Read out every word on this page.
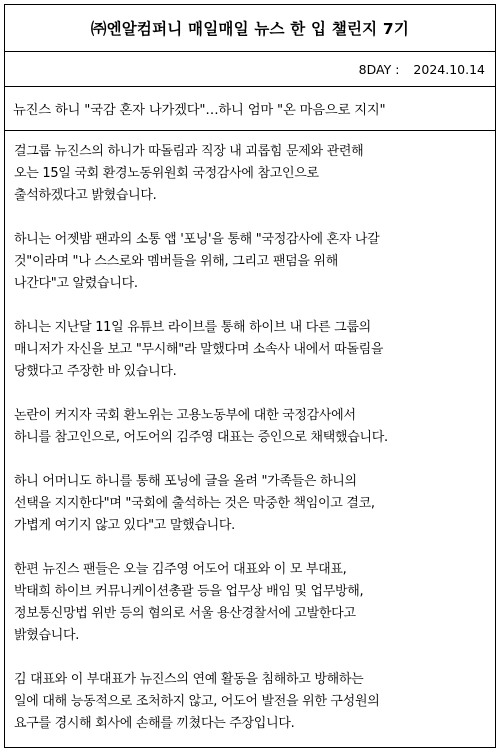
㈜엔알컴퍼니 매일매일 뉴스 한 입 챌린지 7기
8DAY : 2024.10.14
뉴진스 하니 "국감 혼자 나가겠다"…하니 엄마 "온 마음으로 지지"

걸그룹 뉴진스의 하니가 따돌림과 직장 내 괴롭힘 문제와 관련해
오는 15일 국회 환경노동위원회 국정감사에 참고인으로
출석하겠다고 밝혔습니다.

하니는 어젯밤 팬과의 소통 앱 '포닝'을 통해 "국정감사에 혼자 나갈
것"이라며 "나 스스로와 멤버들을 위해, 그리고 팬덤을 위해
나간다"고 알렸습니다.

하니는 지난달 11일 유튜브 라이브를 통해 하이브 내 다른 그룹의
매니저가 자신을 보고 "무시해"라 말했다며 소속사 내에서 따돌림을
당했다고 주장한 바 있습니다.

논란이 커지자 국회 환노위는 고용노동부에 대한 국정감사에서
하니를 참고인으로, 어도어의 김주영 대표는 증인으로 채택했습니다.

하니 어머니도 하니를 통해 포닝에 글을 올려 "가족들은 하니의
선택을 지지한다"며 "국회에 출석하는 것은 막중한 책임이고 결코,
가볍게 여기지 않고 있다"고 말했습니다.

한편 뉴진스 팬들은 오늘 김주영 어도어 대표와 이 모 부대표,
박태희 하이브 커뮤니케이션총괄 등을 업무상 배임 및 업무방해,
정보통신망법 위반 등의 혐의로 서울 용산경찰서에 고발한다고
밝혔습니다.

김 대표와 이 부대표가 뉴진스의 연예 활동을 침해하고 방해하는
일에 대해 능동적으로 조처하지 않고, 어도어 발전을 위한 구성원의
요구를 경시해 회사에 손해를 끼쳤다는 주장입니다.
